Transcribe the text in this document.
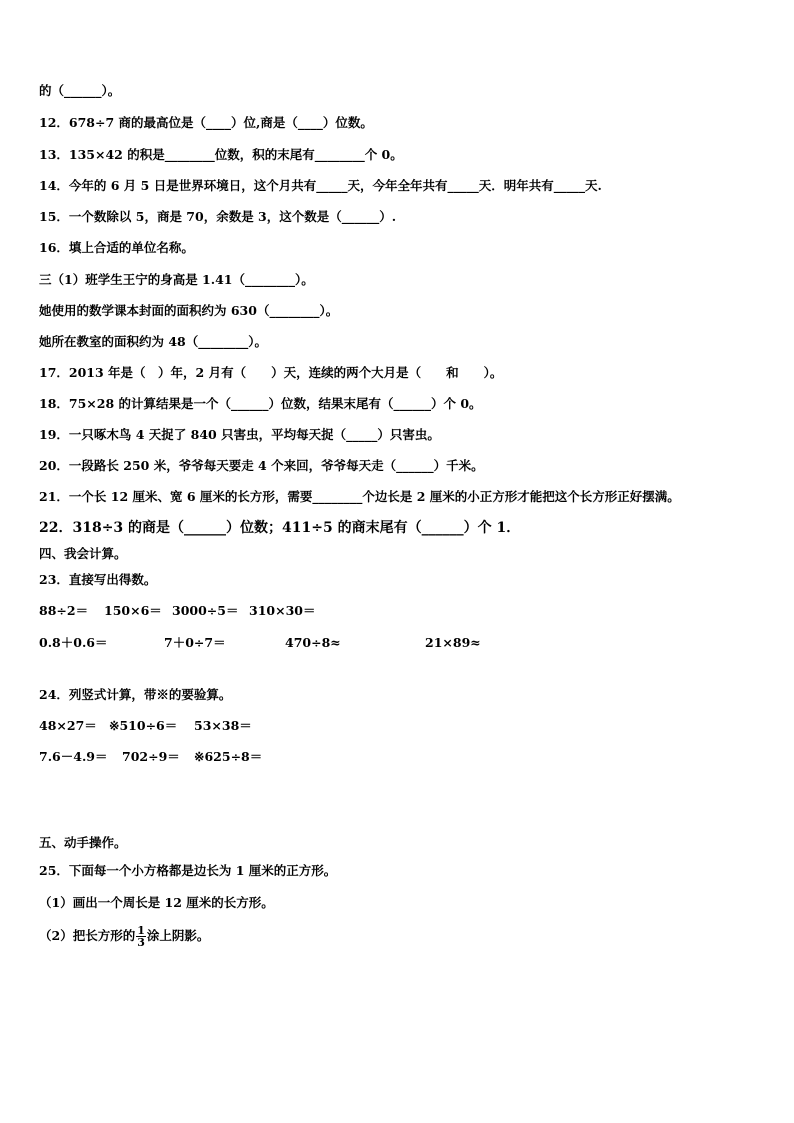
的（______）。
12．678÷7 商的最高位是（____）位,商是（____）位数。
13．135×42 的积是________位数，积的末尾有________个 0。
14．今年的 6 月 5 日是世界环境日，这个月共有_____天，今年全年共有_____天．明年共有_____天.
15．一个数除以 5，商是 70，余数是 3，这个数是（______）.
16．填上合适的单位名称。
三（1）班学生王宁的身高是 1.41（________）。
她使用的数学课本封面的面积约为 630（________）。
她所在教室的面积约为 48（________）。
17．2013 年是（　）年，2 月有（　　）天，连续的两个大月是（　　和　　）。
18．75×28 的计算结果是一个（______）位数，结果末尾有（______）个 0。
19．一只啄木鸟 4 天捉了 840 只害虫，平均每天捉（_____）只害虫。
20．一段路长 250 米，爷爷每天要走 4 个来回，爷爷每天走（______）千米。
21．一个长 12 厘米、宽 6 厘米的长方形，需要________个边长是 2 厘米的小正方形才能把这个长方形正好摆满。
22．318÷3 的商是（______）位数；411÷5 的商末尾有（______）个 1．
四、我会计算。
23．直接写出得数。
88÷2＝ 150×6＝ 3000÷5＝ 310×30＝
0.8＋0.6＝	7＋0÷7＝	470÷8≈	21×89≈
24．列竖式计算，带※的要验算。
48×27＝ ※510÷6＝ 53×38＝
7.6－4.9＝ 702÷9＝ ※625÷8＝
五、动手操作。
25．下面每一个小方格都是边长为 1 厘米的正方形。
（1）画出一个周长是 12 厘米的长方形。
（2）把长方形的 $\frac{1}{3}$ 涂上阴影。
